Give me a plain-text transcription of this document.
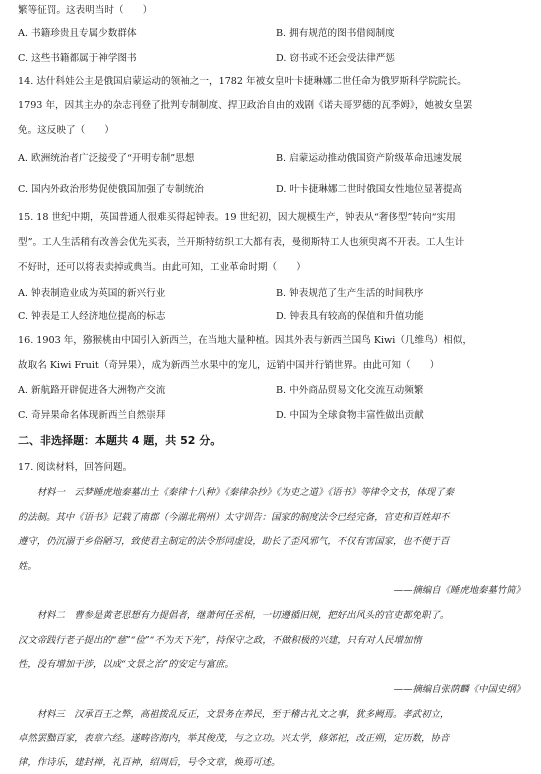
繁等征罚。这表明当时（　　）
A. 书籍珍贵且专属少数群体	B. 拥有规范的图书借阅制度
C. 这些书籍都属于神学图书	D. 窃书或不还会受法律严惩
14. 达什科娃公主是俄国启蒙运动的领袖之一，1782 年被女皇叶卡捷琳娜二世任命为俄罗斯科学院院长。
1793 年，因其主办的杂志刊登了批判专制制度、捍卫政治自由的戏剧《诺夫哥罗德的瓦季姆》，她被女皇罢
免。这反映了（　　）
A. 欧洲统治者广泛接受了“开明专制”思想	B. 启蒙运动推动俄国资产阶级革命迅速发展
C. 国内外政治形势促使俄国加强了专制统治	D. 叶卡捷琳娜二世时俄国女性地位显著提高
15. 18 世纪中期，英国普通人很难买得起钟表。19 世纪初，因大规模生产，钟表从“奢侈型”转向“实用
型”。工人生活稍有改善会优先买表，兰开斯特纺织工大都有表，曼彻斯特工人也须臾离不开表。工人生计
不好时，还可以将表卖掉或典当。由此可知，工业革命时期（　　）
A. 钟表制造业成为英国的新兴行业	B. 钟表规范了生产生活的时间秩序
C. 钟表是工人经济地位提高的标志	D. 钟表具有较高的保值和升值功能
16. 1903 年，猕猴桃由中国引入新西兰，在当地大量种植。因其外表与新西兰国鸟 Kiwi（几维鸟）相似，
故取名 Kiwi Fruit（奇异果），成为新西兰水果中的宠儿，远销中国并行销世界。由此可知（　　）
A. 新航路开辟促进各大洲物产交流	B. 中外商品贸易文化交流互动频繁
C. 奇异果命名体现新西兰自然崇拜	D. 中国为全球食物丰富性做出贡献
二、非选择题：本题共 4 题，共 52 分。
17. 阅读材料，回答问题。
材料一　云梦睡虎地秦墓出土《秦律十八种》《秦律杂抄》《为吏之道》《语书》等律令文书，体现了秦
的法制。其中《语书》记载了南郡（今湖北荆州）太守训告：国家的制度法令已经完备，官吏和百姓却不
遵守，仍沉溺于乡俗陋习，致使君主制定的法令形同虚设，助长了歪风邪气，不仅有害国家，也不便于百
姓。
——摘编自《睡虎地秦墓竹简》
材料二　曹参是黄老思想有力提倡者，继萧何任丞相，一切遵循旧规，把好出风头的官吏都免职了。
汉文帝践行老子提出的“慈”“俭”“不为天下先”，持保守之政，不做积极的兴建，只有对人民增加惰
性，没有增加干涉，以成“文景之治”的安定与富庶。
——摘编自张荫麟《中国史纲》
材料三　汉承百王之弊，高祖拨乱反正，文景务在养民，至于稽古礼文之事，犹多阙焉。孝武初立，
卓然罢黜百家，表章六经。遂畴咨海内，举其俊茂，与之立功。兴太学，修郊祀，改正朔，定历数，协音
律，作诗乐，建封禅，礼百神，绍周后，号令文章，焕焉可述。
